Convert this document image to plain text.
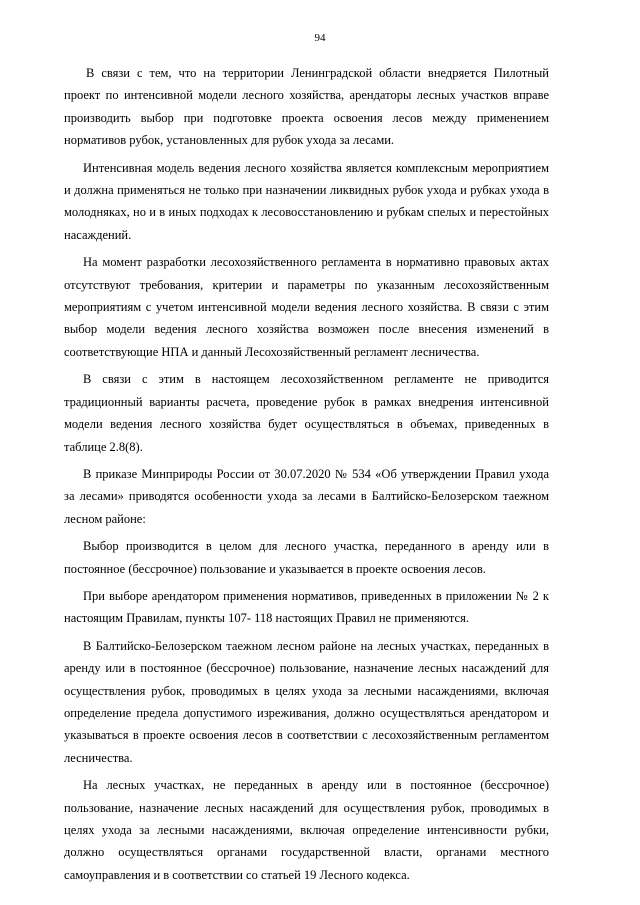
94

В связи с тем, что на территории Ленинградской области внедряется Пилотный проект по интенсивной модели лесного хозяйства, арендаторы лесных участков вправе производить выбор при подготовке проекта освоения лесов между применением нормативов рубок, установленных для рубок ухода за лесами.

Интенсивная модель ведения лесного хозяйства является комплексным мероприятием и должна применяться не только при назначении ликвидных рубок ухода и рубках ухода в молодняках, но и в иных подходах к лесовосстановлению и рубкам спелых и перестойных насаждений.

На момент разработки лесохозяйственного регламента в нормативно правовых актах отсутствуют требования, критерии и параметры по указанным лесохозяйственным мероприятиям с учетом интенсивной модели ведения лесного хозяйства. В связи с этим выбор модели ведения лесного хозяйства возможен после внесения изменений в соответствующие НПА и данный Лесохозяйственный регламент лесничества.

В связи с этим в настоящем лесохозяйственном регламенте не приводится традиционный варианты расчета, проведение рубок в рамках внедрения интенсивной модели ведения лесного хозяйства будет осуществляться в объемах, приведенных в таблице 2.8(8).

В приказе Минприроды России от 30.07.2020 № 534 «Об утверждении Правил ухода за лесами» приводятся особенности ухода за лесами в Балтийско-Белозерском таежном лесном районе:

Выбор производится в целом для лесного участка, переданного в аренду или в постоянное (бессрочное) пользование и указывается в проекте освоения лесов.

При выборе арендатором применения нормативов, приведенных в приложении № 2 к настоящим Правилам, пункты 107- 118 настоящих Правил не применяются.

В Балтийско-Белозерском таежном лесном районе на лесных участках, переданных в аренду или в постоянное (бессрочное) пользование, назначение лесных насаждений для осуществления рубок, проводимых в целях ухода за лесными насаждениями, включая определение предела допустимого изреживания, должно осуществляться арендатором и указываться в проекте освоения лесов в соответствии с лесохозяйственным регламентом лесничества.

На лесных участках, не переданных в аренду или в постоянное (бессрочное) пользование, назначение лесных насаждений для осуществления рубок, проводимых в целях ухода за лесными насаждениями, включая определение интенсивности рубки, должно осуществляться органами государственной власти, органами местного самоуправления и в соответствии со статьей 19 Лесного кодекса.
